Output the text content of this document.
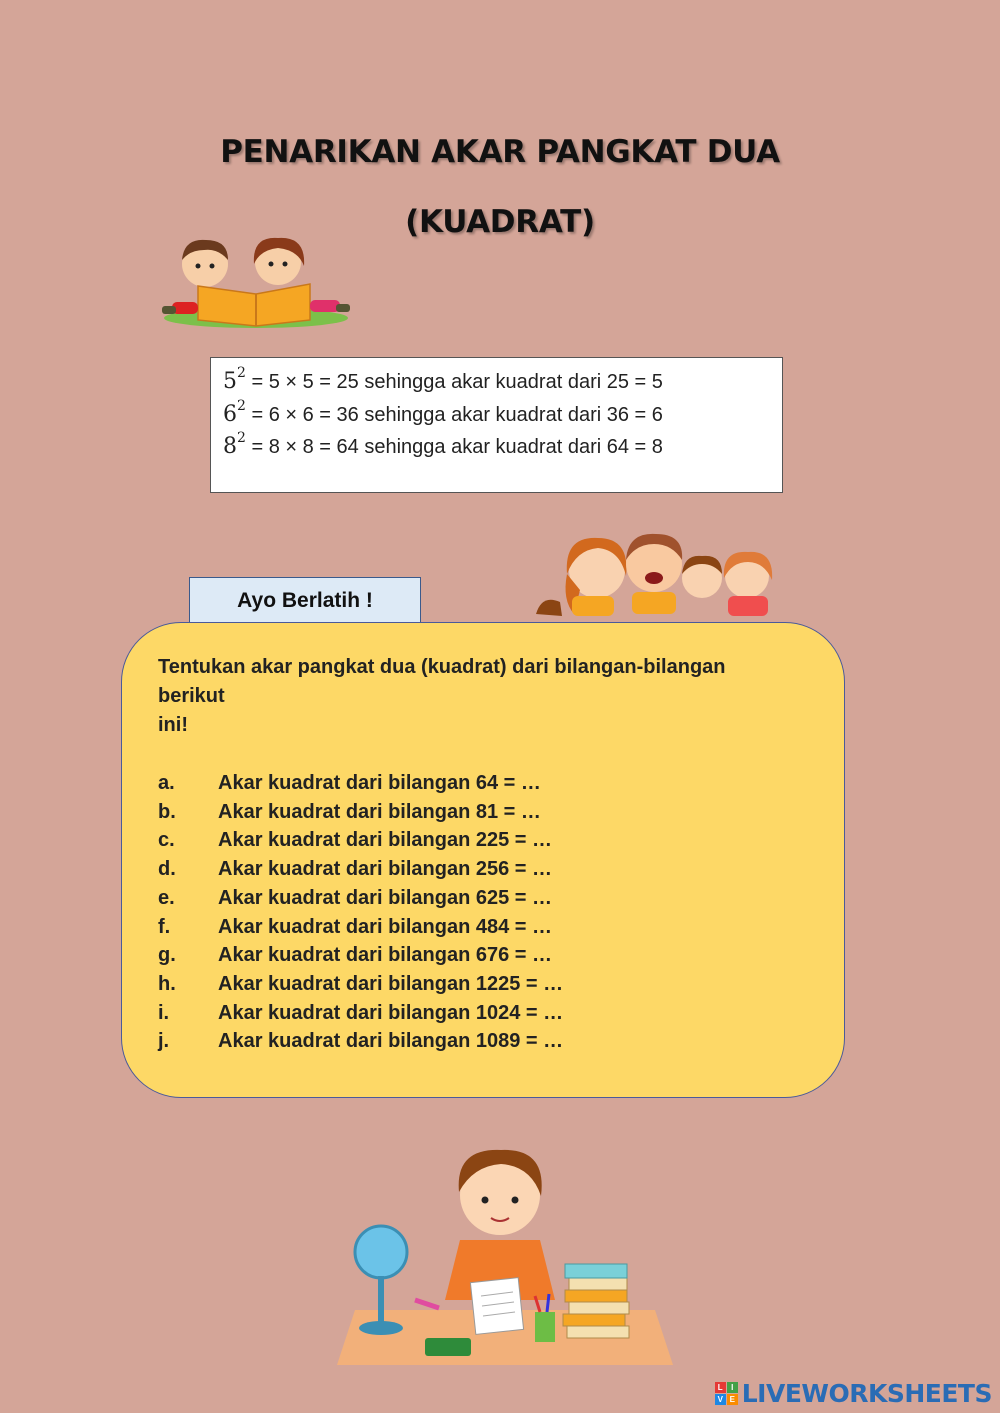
PENARIKAN AKAR PANGKAT DUA
(KUADRAT)
$5^2 = 5 \times 5 = 25$ sehingga akar kuadrat dari 25 = 5
$6^2 = 6 \times 6 = 36$ sehingga akar kuadrat dari 36 = 6
$8^2 = 8 \times 8 = 64$ sehingga akar kuadrat dari 64 = 8
Ayo Berlatih !
Tentukan akar pangkat dua (kuadrat) dari bilangan-bilangan
berikut
ini!
a. Akar kuadrat dari bilangan 64 = …
b. Akar kuadrat dari bilangan 81 = …
c. Akar kuadrat dari bilangan 225 = …
d. Akar kuadrat dari bilangan 256 = …
e. Akar kuadrat dari bilangan 625 = …
f. Akar kuadrat dari bilangan 484 = …
g. Akar kuadrat dari bilangan 676 = …
h. Akar kuadrat dari bilangan 1225 = …
i. Akar kuadrat dari bilangan 1024 = …
j. Akar kuadrat dari bilangan 1089 = …
L	I
V E LIVEWORKSHEETS
